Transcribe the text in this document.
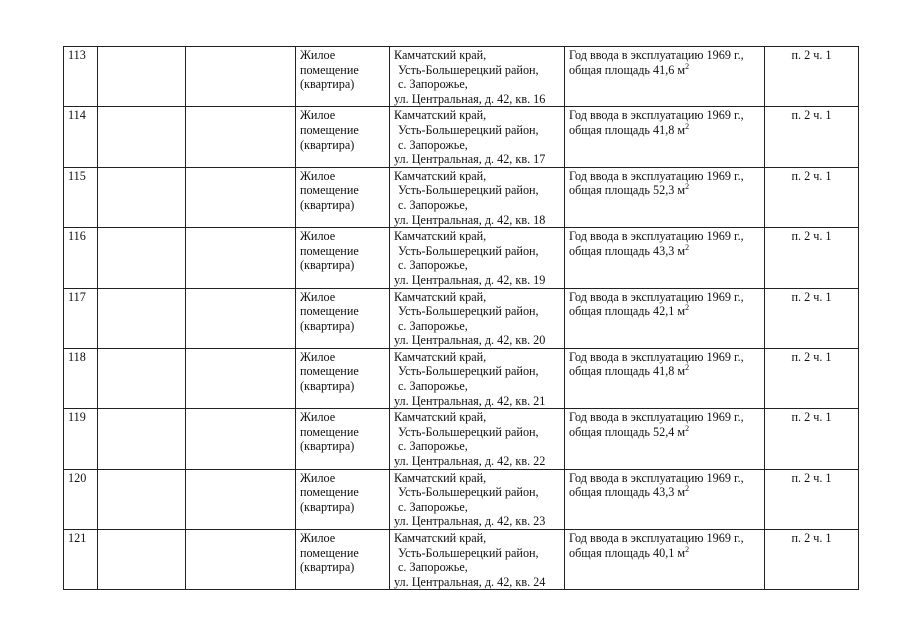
113			Жилое
помещение
(квартира)	Камчатский край,
Усть-Большерецкий район,
с. Запорожье,
ул. Центральная, д. 42, кв. 16	Год ввода в эксплуатацию 1969 г.,
общая площадь 41,6 $м^2$	п. 2 ч. 1
114			Жилое
помещение
(квартира)	Камчатский край,
Усть-Большерецкий район,
с. Запорожье,
ул. Центральная, д. 42, кв. 17	Год ввода в эксплуатацию 1969 г.,
общая площадь 41,8 $м^2$	п. 2 ч. 1
115			Жилое
помещение
(квартира)	Камчатский край,
Усть-Большерецкий район,
с. Запорожье,
ул. Центральная, д. 42, кв. 18	Год ввода в эксплуатацию 1969 г.,
общая площадь 52,3 $м^2$	п. 2 ч. 1
116			Жилое
помещение
(квартира)	Камчатский край,
Усть-Большерецкий район,
с. Запорожье,
ул. Центральная, д. 42, кв. 19	Год ввода в эксплуатацию 1969 г.,
общая площадь 43,3 $м^2$	п. 2 ч. 1
117			Жилое
помещение
(квартира)	Камчатский край,
Усть-Большерецкий район,
с. Запорожье,
ул. Центральная, д. 42, кв. 20	Год ввода в эксплуатацию 1969 г.,
общая площадь 42,1 $м^2$	п. 2 ч. 1
118			Жилое
помещение
(квартира)	Камчатский край,
Усть-Большерецкий район,
с. Запорожье,
ул. Центральная, д. 42, кв. 21	Год ввода в эксплуатацию 1969 г.,
общая площадь 41,8 $м^2$	п. 2 ч. 1
119			Жилое
помещение
(квартира)	Камчатский край,
Усть-Большерецкий район,
с. Запорожье,
ул. Центральная, д. 42, кв. 22	Год ввода в эксплуатацию 1969 г.,
общая площадь 52,4 $м^2$	п. 2 ч. 1
120			Жилое
помещение
(квартира)	Камчатский край,
Усть-Большерецкий район,
с. Запорожье,
ул. Центральная, д. 42, кв. 23	Год ввода в эксплуатацию 1969 г.,
общая площадь 43,3 $м^2$	п. 2 ч. 1
121			Жилое
помещение
(квартира)	Камчатский край,
Усть-Большерецкий район,
с. Запорожье,
ул. Центральная, д. 42, кв. 24	Год ввода в эксплуатацию 1969 г.,
общая площадь 40,1 $м^2$	п. 2 ч. 1
